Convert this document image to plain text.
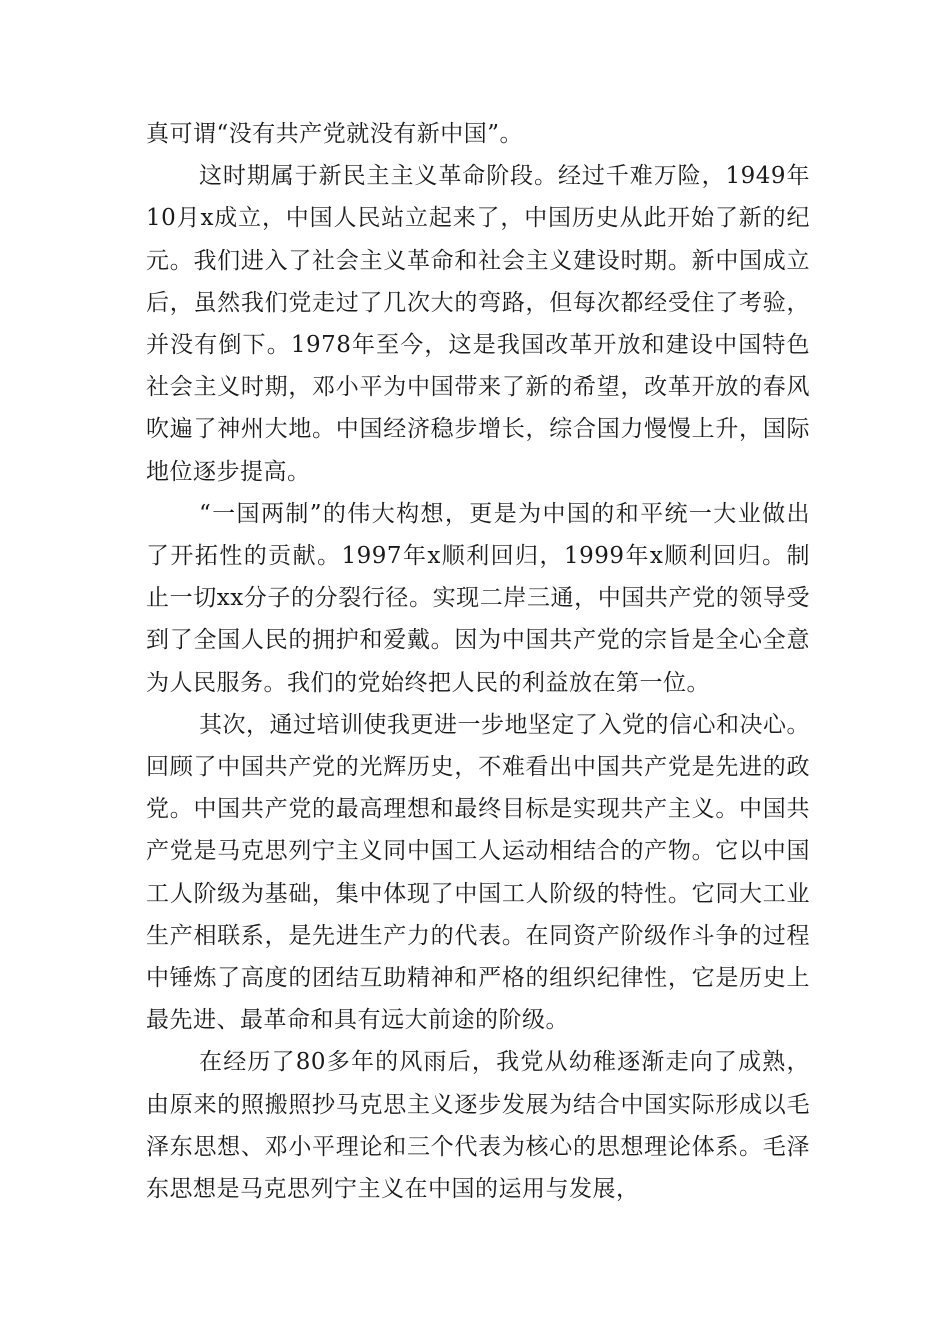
真可谓“没有共产党就没有新中国”。

这时期属于新民主主义革命阶段。经过千难万险，1949年10月x成立，中国人民站立起来了，中国历史从此开始了新的纪元。我们进入了社会主义革命和社会主义建设时期。新中国成立后，虽然我们党走过了几次大的弯路，但每次都经受住了考验，并没有倒下。1978年至今，这是我国改革开放和建设中国特色社会主义时期，邓小平为中国带来了新的希望，改革开放的春风吹遍了神州大地。中国经济稳步增长，综合国力慢慢上升，国际地位逐步提高。

“一国两制”的伟大构想，更是为中国的和平统一大业做出了开拓性的贡献。1997年x顺利回归，1999年x顺利回归。制止一切xx分子的分裂行径。实现二岸三通，中国共产党的领导受到了全国人民的拥护和爱戴。因为中国共产党的宗旨是全心全意为人民服务。我们的党始终把人民的利益放在第一位。

其次，通过培训使我更进一步地坚定了入党的信心和决心。回顾了中国共产党的光辉历史，不难看出中国共产党是先进的政党。中国共产党的最高理想和最终目标是实现共产主义。中国共产党是马克思列宁主义同中国工人运动相结合的产物。它以中国工人阶级为基础，集中体现了中国工人阶级的特性。它同大工业生产相联系，是先进生产力的代表。在同资产阶级作斗争的过程中锤炼了高度的团结互助精神和严格的组织纪律性，它是历史上最先进、最革命和具有远大前途的阶级。

在经历了80多年的风雨后，我党从幼稚逐渐走向了成熟，由原来的照搬照抄马克思主义逐步发展为结合中国实际形成以毛泽东思想、邓小平理论和三个代表为核心的思想理论体系。毛泽东思想是马克思列宁主义在中国的运用与发展，
